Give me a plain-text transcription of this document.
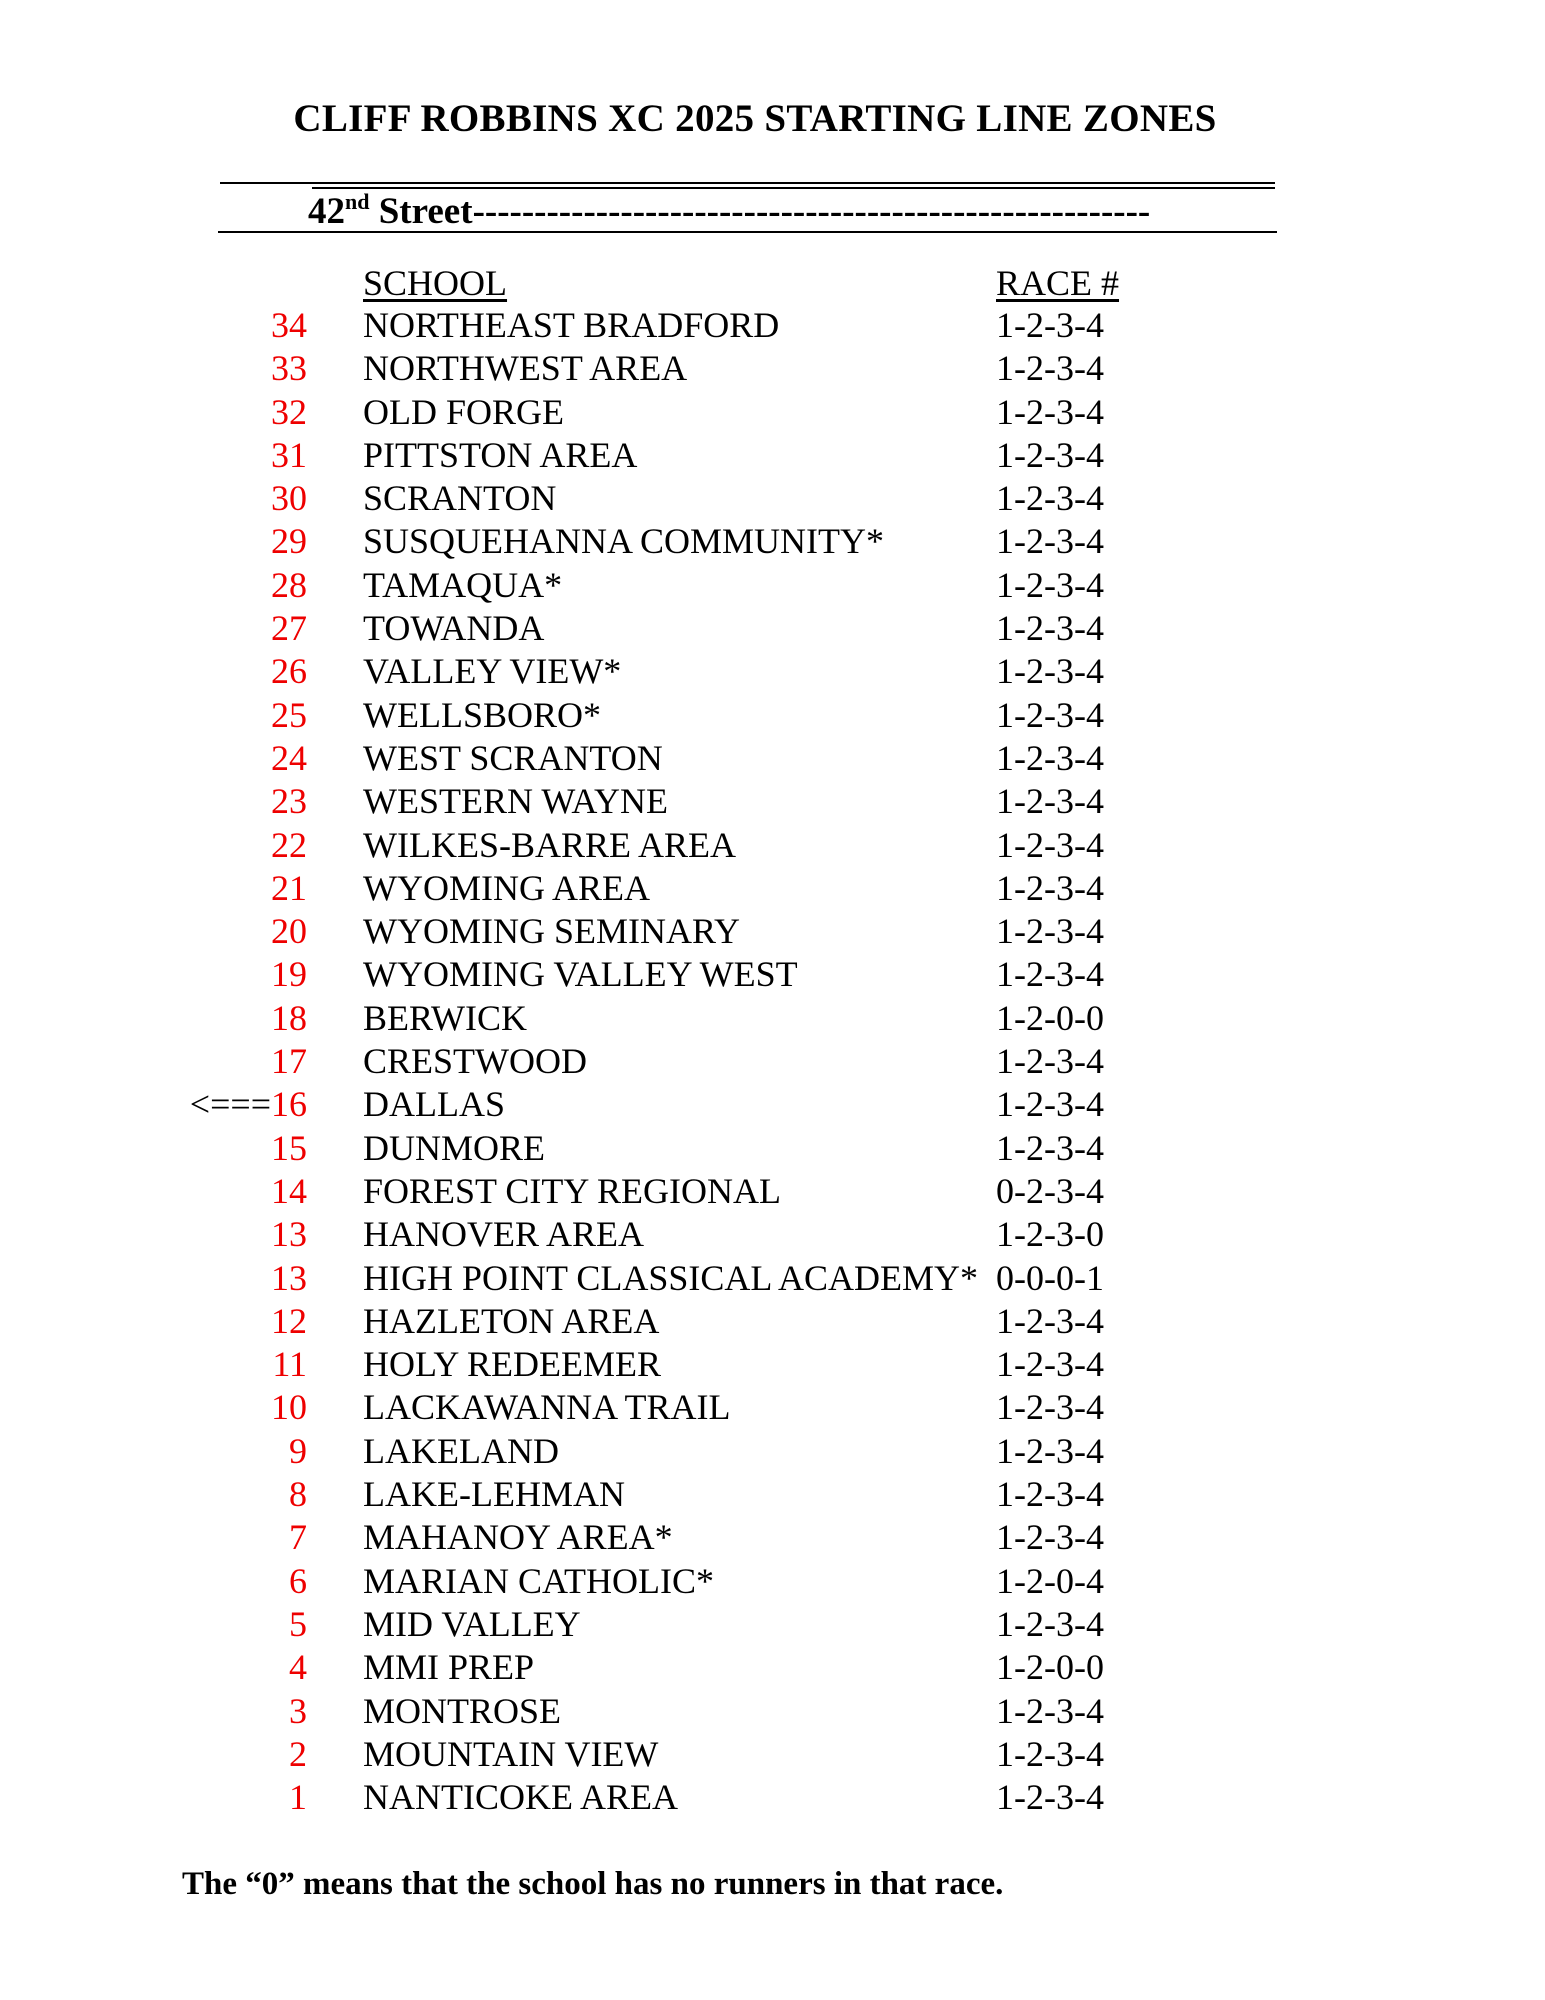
CLIFF ROBBINS XC 2025 STARTING LINE ZONES
42nd Street-------------------------------------------------------
SCHOOL	RACE #
34 NORTHEAST BRADFORD	1-2-3-4
33 NORTHWEST AREA	1-2-3-4
32 OLD FORGE	1-2-3-4
31 PITTSTON AREA	1-2-3-4
30 SCRANTON	1-2-3-4
29 SUSQUEHANNA COMMUNITY*	1-2-3-4
28 TAMAQUA*	1-2-3-4
27 TOWANDA	1-2-3-4
26 VALLEY VIEW*	1-2-3-4
25 WELLSBORO*	1-2-3-4
24 WEST SCRANTON	1-2-3-4
23 WESTERN WAYNE	1-2-3-4
22 WILKES-BARRE AREA	1-2-3-4
21 WYOMING AREA	1-2-3-4
20 WYOMING SEMINARY	1-2-3-4
19 WYOMING VALLEY WEST	1-2-3-4
18 BERWICK	1-2-0-0
17 CRESTWOOD	1-2-3-4
<===16 DALLAS	1-2-3-4
15 DUNMORE	1-2-3-4
14 FOREST CITY REGIONAL	0-2-3-4
13 HANOVER AREA	1-2-3-0
13 HIGH POINT CLASSICAL ACADEMY* 0-0-0-1
12 HAZLETON AREA	1-2-3-4
11 HOLY REDEEMER	1-2-3-4
10 LACKAWANNA TRAIL	1-2-3-4
9 LAKELAND	1-2-3-4
8 LAKE-LEHMAN	1-2-3-4
7 MAHANOY AREA*	1-2-3-4
6 MARIAN CATHOLIC*	1-2-0-4
5 MID VALLEY	1-2-3-4
4 MMI PREP	1-2-0-0
3 MONTROSE	1-2-3-4
2 MOUNTAIN VIEW	1-2-3-4
1 NANTICOKE AREA	1-2-3-4
The “0” means that the school has no runners in that race.
